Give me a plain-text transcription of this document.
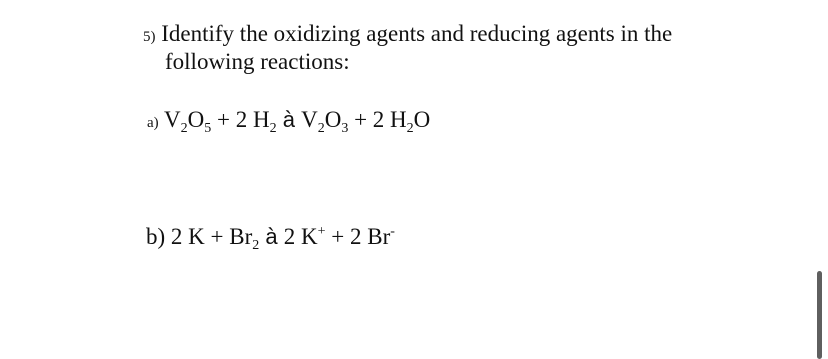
5) Identify the oxidizing agents and reducing agents in the
following reactions:
a) $V_2O_5 + 2$ $H_2$ à $V_2O_3 + 2$ $H_2O$
b) 2 $K + Br_2$ à 2 K+ + 2 Br-
